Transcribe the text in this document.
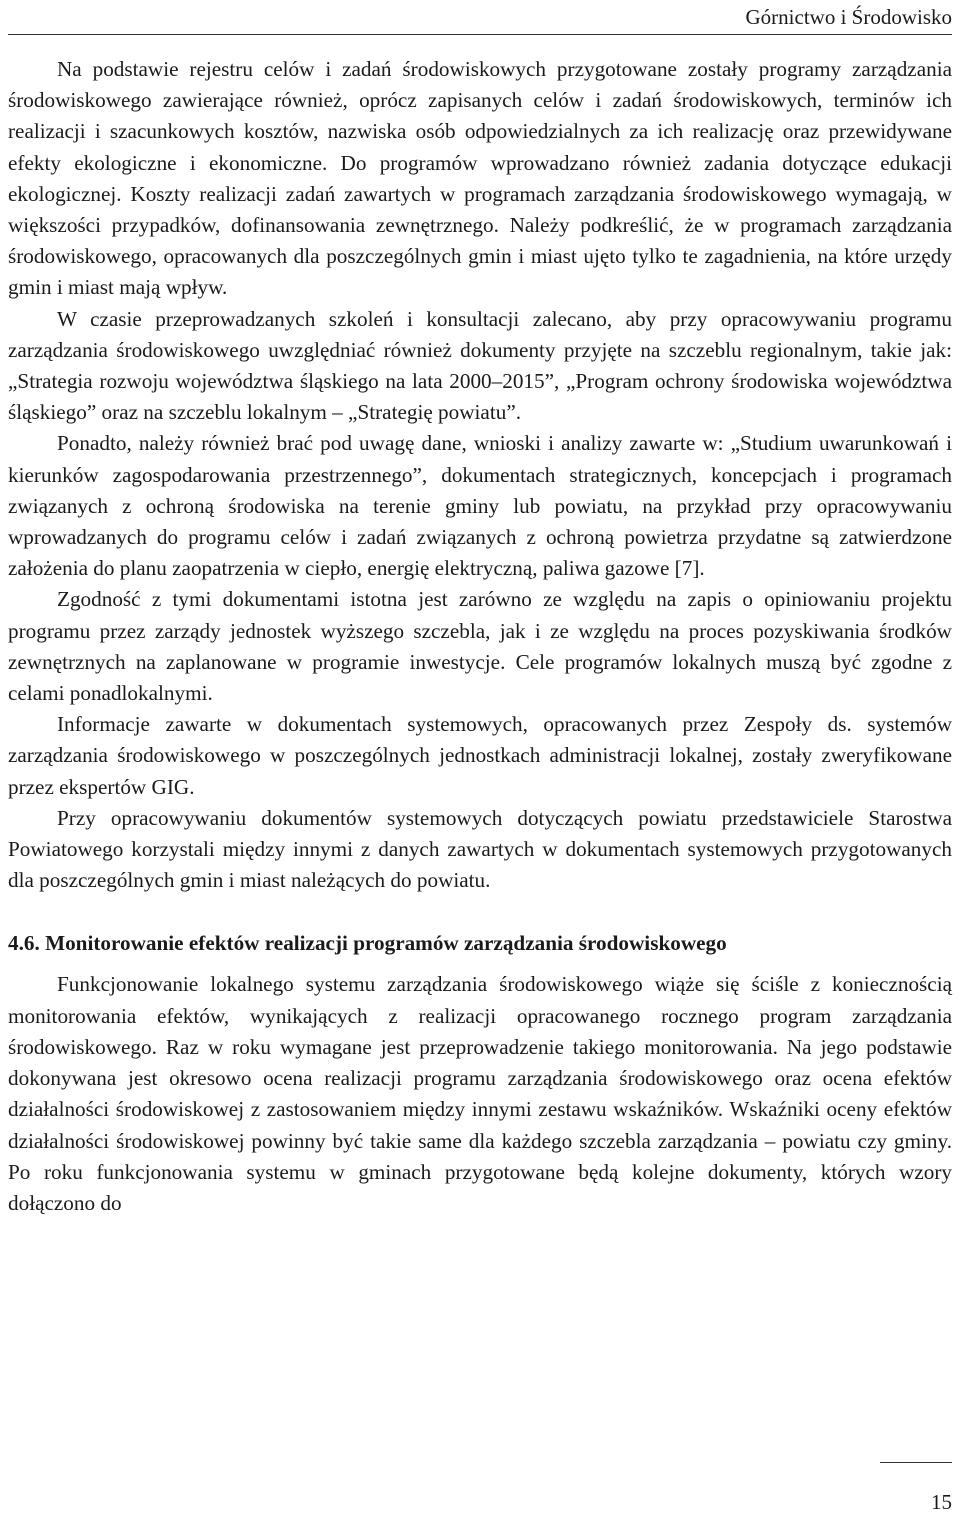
Górnictwo i Środowisko

Na podstawie rejestru celów i zadań środowiskowych przygotowane zostały programy zarządzania środowiskowego zawierające również, oprócz zapisanych celów i zadań środowiskowych, terminów ich realizacji i szacunkowych kosztów, nazwiska osób odpowiedzialnych za ich realizację oraz przewidywane efekty ekologiczne i ekonomiczne. Do programów wprowadzano również zadania dotyczące edukacji ekologicznej. Koszty realizacji zadań zawartych w programach zarządzania środowiskowego wymagają, w większości przypadków, dofinansowania zewnętrznego. Należy podkreślić, że w programach zarządzania środowiskowego, opracowanych dla poszczególnych gmin i miast ujęto tylko te zagadnienia, na które urzędy gmin i miast mają wpływ.

W czasie przeprowadzanych szkoleń i konsultacji zalecano, aby przy opracowywaniu programu zarządzania środowiskowego uwzględniać również dokumenty przyjęte na szczeblu regionalnym, takie jak: „Strategia rozwoju województwa śląskiego na lata 2000–2015”, „Program ochrony środowiska województwa śląskiego” oraz na szczeblu lokalnym – „Strategię powiatu”.

Ponadto, należy również brać pod uwagę dane, wnioski i analizy zawarte w: „Studium uwarunkowań i kierunków zagospodarowania przestrzennego”, dokumentach strategicznych, koncepcjach i programach związanych z ochroną środowiska na terenie gminy lub powiatu, na przykład przy opracowywaniu wprowadzanych do programu celów i zadań związanych z ochroną powietrza przydatne są zatwierdzone założenia do planu zaopatrzenia w ciepło, energię elektryczną, paliwa gazowe [7].

Zgodność z tymi dokumentami istotna jest zarówno ze względu na zapis o opiniowaniu projektu programu przez zarządy jednostek wyższego szczebla, jak i ze względu na proces pozyskiwania środków zewnętrznych na zaplanowane w programie inwestycje. Cele programów lokalnych muszą być zgodne z celami ponadlokalnymi.

Informacje zawarte w dokumentach systemowych, opracowanych przez Zespoły ds. systemów zarządzania środowiskowego w poszczególnych jednostkach administracji lokalnej, zostały zweryfikowane przez ekspertów GIG.

Przy opracowywaniu dokumentów systemowych dotyczących powiatu przedstawiciele Starostwa Powiatowego korzystali między innymi z danych zawartych w dokumentach systemowych przygotowanych dla poszczególnych gmin i miast należących do powiatu.

4.6. Monitorowanie efektów realizacji programów zarządzania środowiskowego

Funkcjonowanie lokalnego systemu zarządzania środowiskowego wiąże się ściśle z koniecznością monitorowania efektów, wynikających z realizacji opracowanego rocznego program zarządzania środowiskowego. Raz w roku wymagane jest przeprowadzenie takiego monitorowania. Na jego podstawie dokonywana jest okresowo ocena realizacji programu zarządzania środowiskowego oraz ocena efektów działalności środowiskowej z zastosowaniem między innymi zestawu wskaźników. Wskaźniki oceny efektów działalności środowiskowej powinny być takie same dla każdego szczebla zarządzania – powiatu czy gminy. Po roku funkcjonowania systemu w gminach przygotowane będą kolejne dokumenty, których wzory dołączono do

15
